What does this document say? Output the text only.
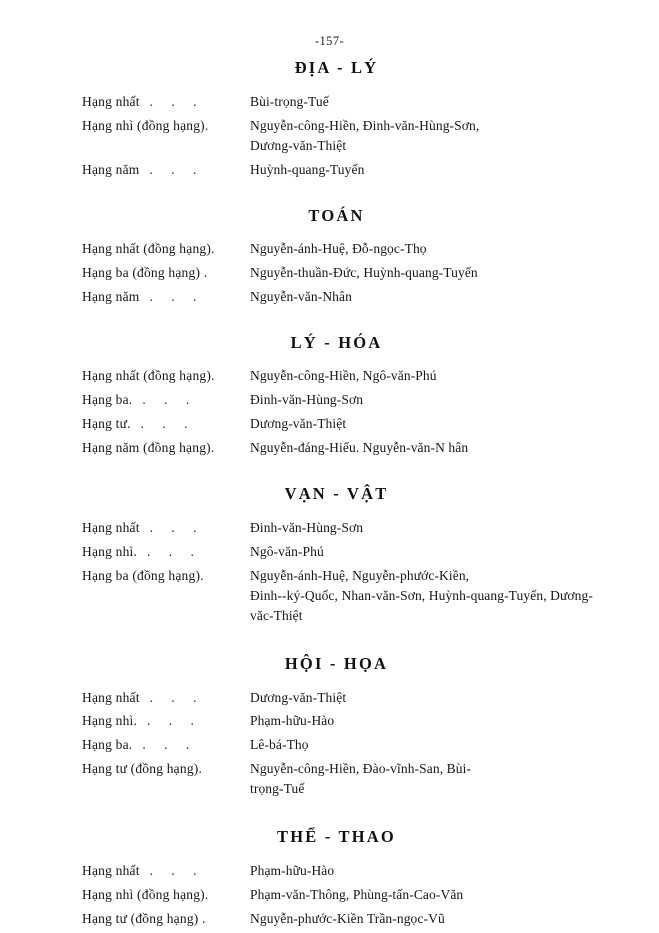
-157-
ĐỊA - LÝ
Hạng nhất . . .	Bùi-trọng-Tuế
Hạng nhì (đồng hạng).	Nguyễn-công-Hiền, Đinh-văn-Hùng-Sơn,
Dương-văn-Thiệt
Hạng năm . . .	Huỳnh-quang-Tuyến
TOÁN
Hạng nhất (đồng hạng).	Nguyễn-ánh-Huệ, Đỗ-ngọc-Thọ
Hạng ba (đồng hạng) .	Nguyễn-thuần-Đức, Huỳnh-quang-Tuyến
Hạng năm . . .	Nguyễn-văn-Nhân
LÝ - HÓA
Hạng nhất (đồng hạng).	Nguyễn-công-Hiền, Ngô-văn-Phú
Hạng ba. . . .	Đinh-văn-Hùng-Sơn
Hạng tư. . . .	Dương-văn-Thiệt
Hạng năm (đồng hạng).	Nguyễn-đáng-Hiếu. Nguyễn-văn-N hân
VẠN - VẬT
Hạng nhất . . .	Đinh-văn-Hùng-Sơn
Hạng nhì. . . .	Ngô-văn-Phú
Hạng ba (đồng hạng).	Nguyễn-ánh-Huệ, Nguyễn-phước-Kiền,
Đinh--ký-Quốc, Nhan-văn-Sơn, Huỳnh-quang-Tuyến, Dương-văc-Thiệt
HỘI - HỌA
Hạng nhất . . .	Dương-văn-Thiệt
Hạng nhì. . . .	Phạm-hữu-Hào
Hạng ba. . . .	Lê-bá-Thọ
Hạng tư (đồng hạng).	Nguyễn-công-Hiền, Đào-vĩnh-San, Bùi-
trọng-Tuế
THỂ - THAO
Hạng nhất . . .	Phạm-hữu-Hào
Hạng nhì (đồng hạng).	Phạm-văn-Thông, Phùng-tấn-Cao-Văn
Hạng tư (đồng hạng) .	Nguyễn-phước-Kiền Trần-ngọc-Vũ
